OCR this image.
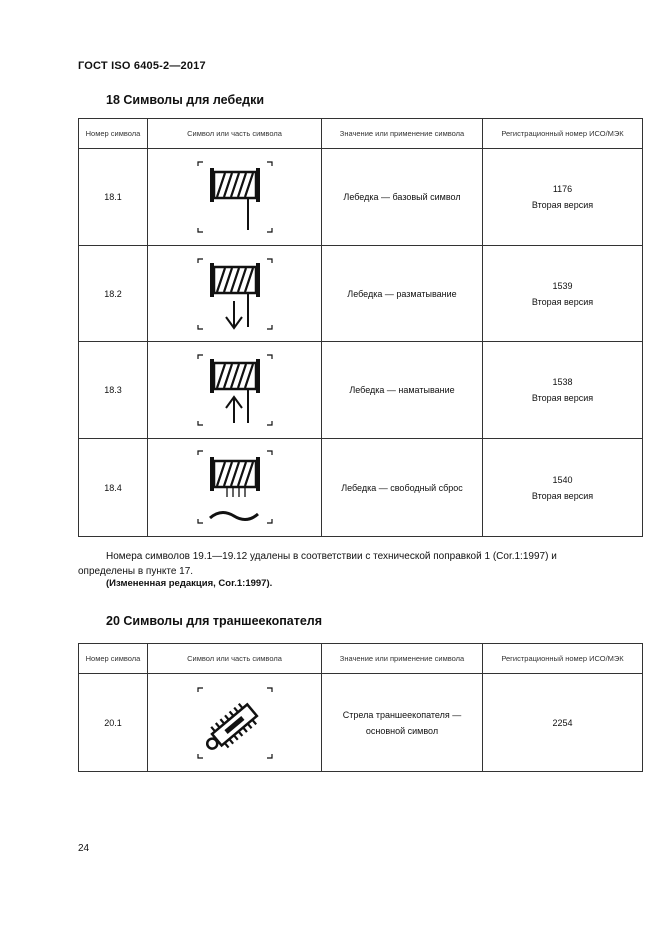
ГОСТ ISO 6405-2—2017
18 Символы для лебедки
Номер символа	Символ или часть символа	Значение или применение символа	Регистрационный номер ИСО/МЭК
18.1		Лебедка — базовый символ	1176
Вторая версия

18.2		Лебедка — разматывание	1539
Вторая версия

18.3		Лебедка — наматывание	1538
Вторая версия

18.4		Лебедка — свободный сброс	1540
Вторая версия
Номера символов 19.1—19.12 удалены в соответствии с технической поправкой 1 (Cor.1:1997) и
определены в пункте 17.
(Измененная редакция, Cor.1:1997).
20 Символы для траншеекопателя
Номер символа	Символ или часть символа	Значение или применение символа	Регистрационный номер ИСО/МЭК
20.1		Стрела траншеекопателя —
основной символ	2254
24
